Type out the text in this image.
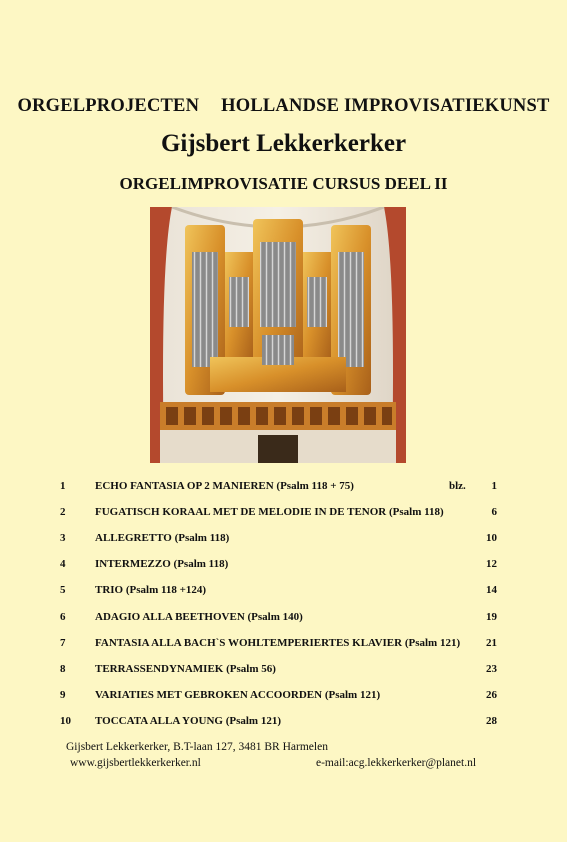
ORGELPROJECTEN HOLLANDSE IMPROVISATIEKUNST
Gijsbert Lekkerkerker
ORGELIMPROVISATIE CURSUS DEEL II
1	ECHO FANTASIA OP 2 MANIEREN (Psalm 118 + 75)	blz. 1
2	FUGATISCH KORAAL MET DE MELODIE IN DE TENOR (Psalm 118)	6
3	ALLEGRETTO (Psalm 118)	10
4	INTERMEZZO (Psalm 118)	12
5	TRIO (Psalm 118 +124)	14
6	ADAGIO ALLA BEETHOVEN (Psalm 140)	19
7	FANTASIA ALLA BACH`S WOHLTEMPERIERTES KLAVIER (Psalm 121) 21
8	TERRASSENDYNAMIEK (Psalm 56)	23
9	VARIATIES MET GEBROKEN ACCOORDEN (Psalm 121)	26
10 TOCCATA ALLA YOUNG (Psalm 121)	28
Gijsbert Lekkerkerker, B.T-laan 127, 3481 BR Harmelen
www.gijsbertlekkerkerker.nl	e-mail:acg.lekkerkerker@planet.nl
